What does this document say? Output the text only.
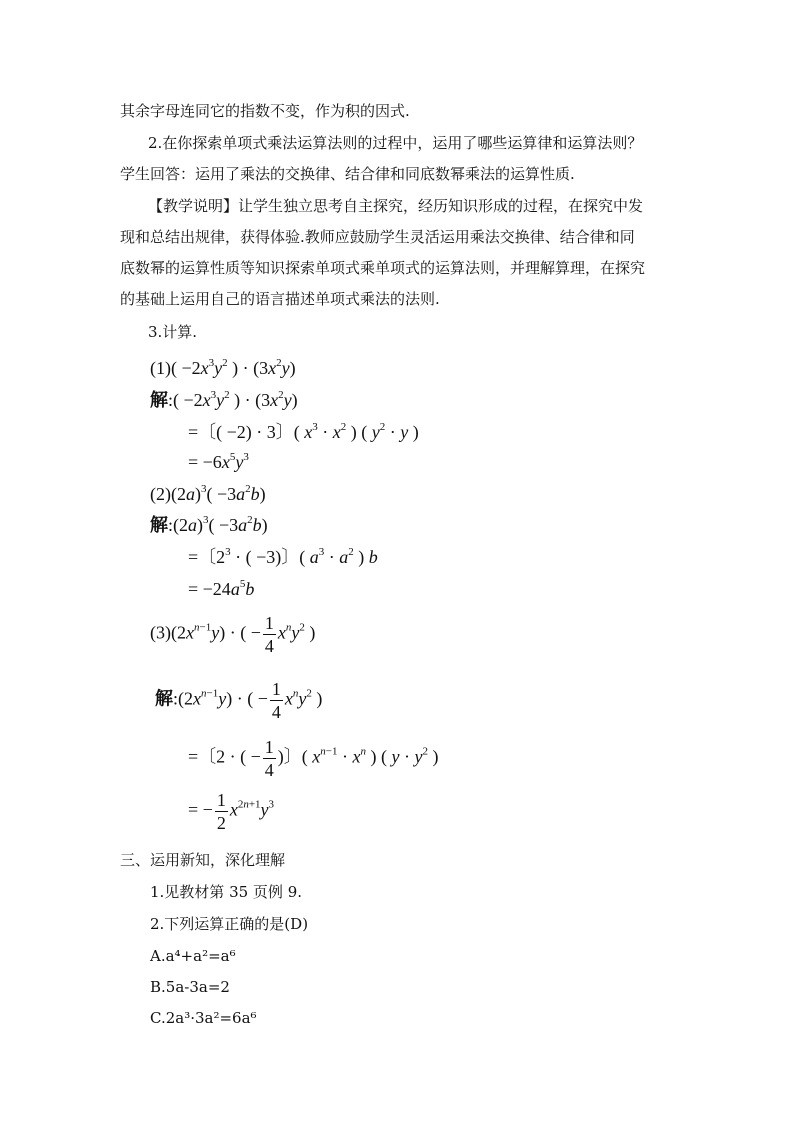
其余字母连同它的指数不变，作为积的因式.
2.在你探索单项式乘法运算法则的过程中，运用了哪些运算律和运算法则？
学生回答：运用了乘法的交换律、结合律和同底数幂乘法的运算性质.
【教学说明】让学生独立思考自主探究，经历知识形成的过程，在探究中发
现和总结出规律，获得体验.教师应鼓励学生灵活运用乘法交换律、结合律和同
底数幂的运算性质等知识探索单项式乘单项式的运算法则，并理解算理，在探究
的基础上运用自己的语言描述单项式乘法的法则.
3.计算.
$(1)( -2x^3y^2$ ) · $(3x^2y)$
解:( $-2x^3y^2$ ) · $(3x^2y)$
=〔( −2) · 3〕( $x^3 \cdot x^2$ ) ( $y^2 \cdot y$ )
= $-6x^5y^3$
$(2)(2a)^3( -3a^2b)$
解$:(2a)^3( -3a^2b)$
=〔$2^3$ · ( −3)〕( $a^3 \cdot a^2$ ) b
= $-24a^5b$
$(3)(2x^{n-1}y)$ · ( − $\frac{1}{4} x^ny^2$ )
解$:(2x^{n-1}y)$ · ( − $\frac{1}{4} x^ny^2$ )
=〔2 · ( − $\frac{1}{4}$ )〕( $x^{n-1} \cdot x^n$ ) ( $y \cdot y^2$ )
= − $\frac{1}{2} x^{2n+1}y^3$
三、运用新知，深化理解
1.见教材第 35 页例 9.
2.下列运算正确的是(D)
A.a⁴+a²=a⁶
B.5a-3a=2
C.2a³·3a²=6a⁶
